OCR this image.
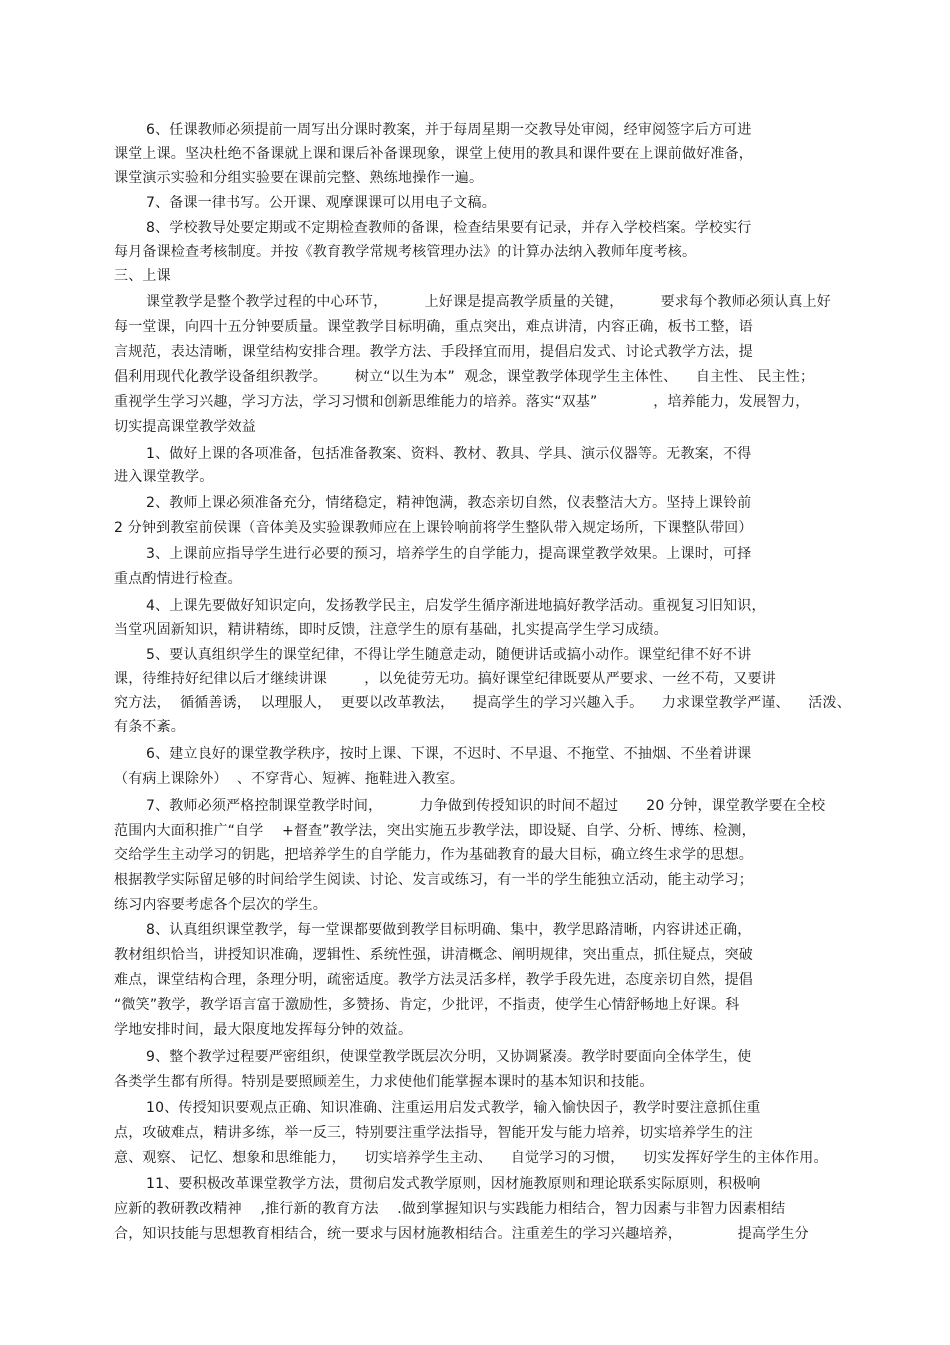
6、任课教师必须提前一周写出分课时教案，并于每周星期一交教导处审阅，经审阅签字后方可进
课堂上课。坚决杜绝不备课就上课和课后补备课现象，课堂上使用的教具和课件要在上课前做好准备，
课堂演示实验和分组实验要在课前完整、熟练地操作一遍。
7、备课一律书写。公开课、观摩课课可以用电子文稿。
8、学校教导处要定期或不定期检查教师的备课，检查结果要有记录，并存入学校档案。学校实行
每月备课检查考核制度。并按《教育教学常规考核管理办法》的计算办法纳入教师年度考核。
三、上课
课堂教学是整个教学过程的中心环节，        上好课是提高教学质量的关键，        要求每个教师必须认真上好
每一堂课，向四十五分钟要质量。课堂教学目标明确，重点突出，难点讲清，内容正确，板书工整，语
言规范，表达清晰，课堂结构安排合理。教学方法、手段择宜而用，提倡启发式、讨论式教学方法，提
倡利用现代化教学设备组织教学。      树立“以生为本”  观念，课堂教学体现学生主体性、    自主性、 民主性；
重视学生学习兴趣，学习方法，学习习惯和创新思维能力的培养。落实“双基”            ，培养能力，发展智力，
切实提高课堂教学效益
1、做好上课的各项准备，包括准备教案、资料、教材、教具、学具、演示仪器等。无教案，不得
进入课堂教学。
2、教师上课必须准备充分，情绪稳定，精神饱满，教态亲切自然，仪表整洁大方。坚持上课铃前
2 分钟到教室前侯课（音体美及实验课教师应在上课铃响前将学生整队带入规定场所，下课整队带回）
3、上课前应指导学生进行必要的预习，培养学生的自学能力，提高课堂教学效果。上课时，可择
重点酌情进行检查。
4、上课先要做好知识定向，发扬教学民主，启发学生循序渐进地搞好教学活动。重视复习旧知识，
当堂巩固新知识，精讲精练，即时反馈，注意学生的原有基础，扎实提高学生学习成绩。
5、要认真组织学生的课堂纪律，不得让学生随意走动，随便讲话或搞小动作。课堂纪律不好不讲
课，待维持好纪律以后才继续讲课        ，以免徒劳无功。搞好课堂纪律既要从严要求、一丝不苟，又要讲
究方法，  循循善诱，  以理服人，  更要以改革教法，    提高学生的学习兴趣入手。    力求课堂教学严谨、    活泼、
有条不紊。
6、建立良好的课堂教学秩序，按时上课、下课，不迟时、不早退、不拖堂、不抽烟、不坐着讲课
（有病上课除外）  、不穿背心、短裤、拖鞋进入教室。
7、教师必须严格控制课堂教学时间，        力争做到传授知识的时间不超过      20 分钟，课堂教学要在全校
范围内大面积推广“自学    +督查”教学法，突出实施五步教学法，即设疑、自学、分析、博练、检测，
交给学生主动学习的钥匙，把培养学生的自学能力，作为基础教育的最大目标，确立终生求学的思想。
根据教学实际留足够的时间给学生阅读、讨论、发言或练习，有一半的学生能独立活动，能主动学习；
练习内容要考虑各个层次的学生。
8、认真组织课堂教学，每一堂课都要做到教学目标明确、集中，教学思路清晰，内容讲述正确，
教材组织恰当，讲授知识准确，逻辑性、系统性强，讲清概念、阐明规律，突出重点，抓住疑点，突破
难点，课堂结构合理，条理分明，疏密适度。教学方法灵活多样，教学手段先进，态度亲切自然，提倡
“微笑”教学，教学语言富于激励性，多赞扬、肯定，少批评，不指责，使学生心情舒畅地上好课。科
学地安排时间，最大限度地发挥每分钟的效益。
9、整个教学过程要严密组织，使课堂教学既层次分明，又协调紧凑。教学时要面向全体学生，使
各类学生都有所得。特别是要照顾差生，力求使他们能掌握本课时的基本知识和技能。
10、传授知识要观点正确、知识准确、注重运用启发式教学，输入愉快因子，教学时要注意抓住重
点，攻破难点，精讲多练，举一反三，特别要注重学法指导，智能开发与能力培养，切实培养学生的注
意、观察、 记忆、想象和思维能力，    切实培养学生主动、    自觉学习的习惯，    切实发挥好学生的主体作用。
11、要积极改革课堂教学方法，贯彻启发式教学原则，因材施教原则和理论联系实际原则，积极响
应新的教研教改精神    ,推行新的教育方法    .做到掌握知识与实践能力相结合，智力因素与非智力因素相结
合，知识技能与思想教育相结合，统一要求与因材施教相结合。注重差生的学习兴趣培养，            提高学生分
